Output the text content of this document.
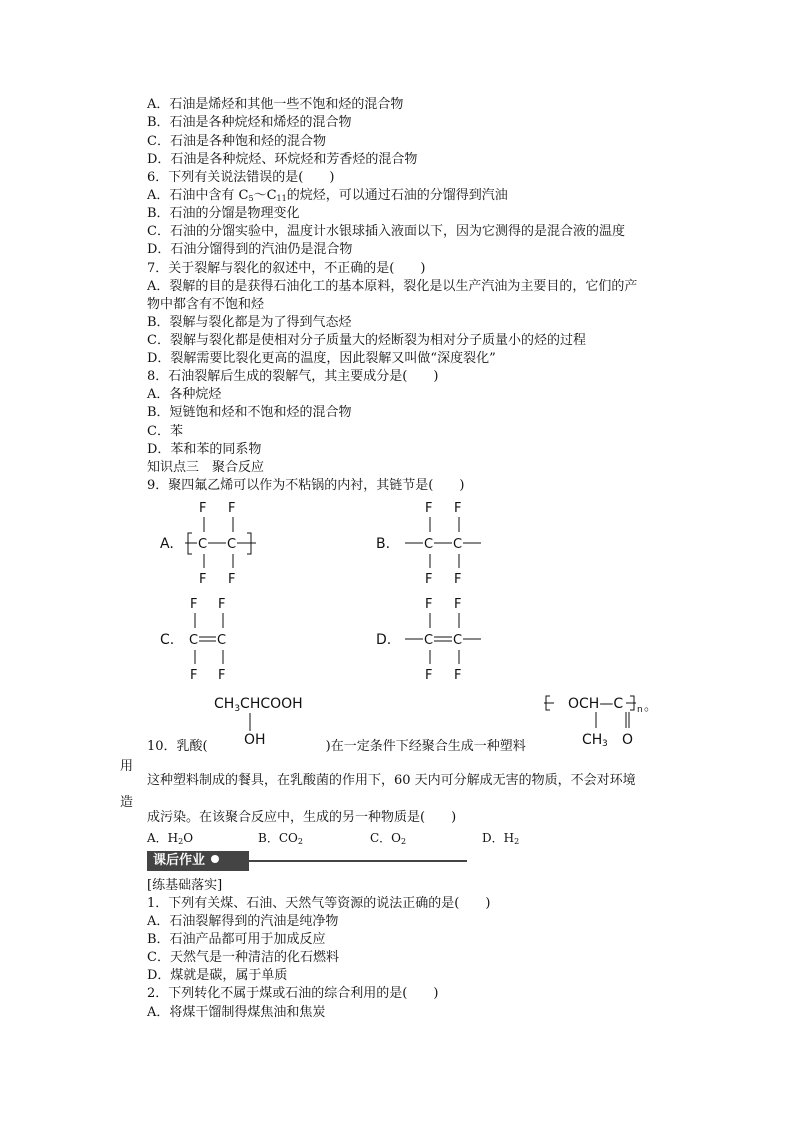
A．石油是烯烃和其他一些不饱和烃的混合物
B．石油是各种烷烃和烯烃的混合物
C．石油是各种饱和烃的混合物
D．石油是各种烷烃、环烷烃和芳香烃的混合物
6．下列有关说法错误的是(　　)
A．石油中含有 $C_5\sim C_{11}$的烷烃，可以通过石油的分馏得到汽油
B．石油的分馏是物理变化
C．石油的分馏实验中，温度计水银球插入液面以下，因为它测得的是混合液的温度
D．石油分馏得到的汽油仍是混合物
7．关于裂解与裂化的叙述中，不正确的是(　　)
A．裂解的目的是获得石油化工的基本原料，裂化是以生产汽油为主要目的，它们的产
物中都含有不饱和烃
B．裂解与裂化都是为了得到气态烃
C．裂解与裂化都是使相对分子质量大的烃断裂为相对分子质量小的烃的过程
D．裂解需要比裂化更高的温度，因此裂解又叫做“深度裂化”
8．石油裂解后生成的裂解气，其主要成分是(　　)
A．各种烷烃
B．短链饱和烃和不饱和烃的混合物
C．苯
D．苯和苯的同系物
知识点三　聚合反应
9．聚四氟乙烯可以作为不粘锅的内衬，其链节是(　　)
A.
F F
C C
F F
B.
F F
C C
F F
C.
F F
C C
F F
D.
F F
C C
F F
$CH_3CHCOOH$
OH
OCH—C n 。
CH 3 O
10．乳酸(	)在一定条件下经聚合生成一种塑料
用
这种塑料制成的餐具，在乳酸菌的作用下，60 天内可分解成无害的物质，不会对环境
造
成污染。在该聚合反应中，生成的另一种物质是(　　)
A．$H_2O$	B．$CO_2$	C．$O_2$	D．$H_2$
课后作业
[练基础落实]
1．下列有关煤、石油、天然气等资源的说法正确的是(　　)
A．石油裂解得到的汽油是纯净物
B．石油产品都可用于加成反应
C．天然气是一种清洁的化石燃料
D．煤就是碳，属于单质
2．下列转化不属于煤或石油的综合利用的是(　　)
A．将煤干馏制得煤焦油和焦炭
